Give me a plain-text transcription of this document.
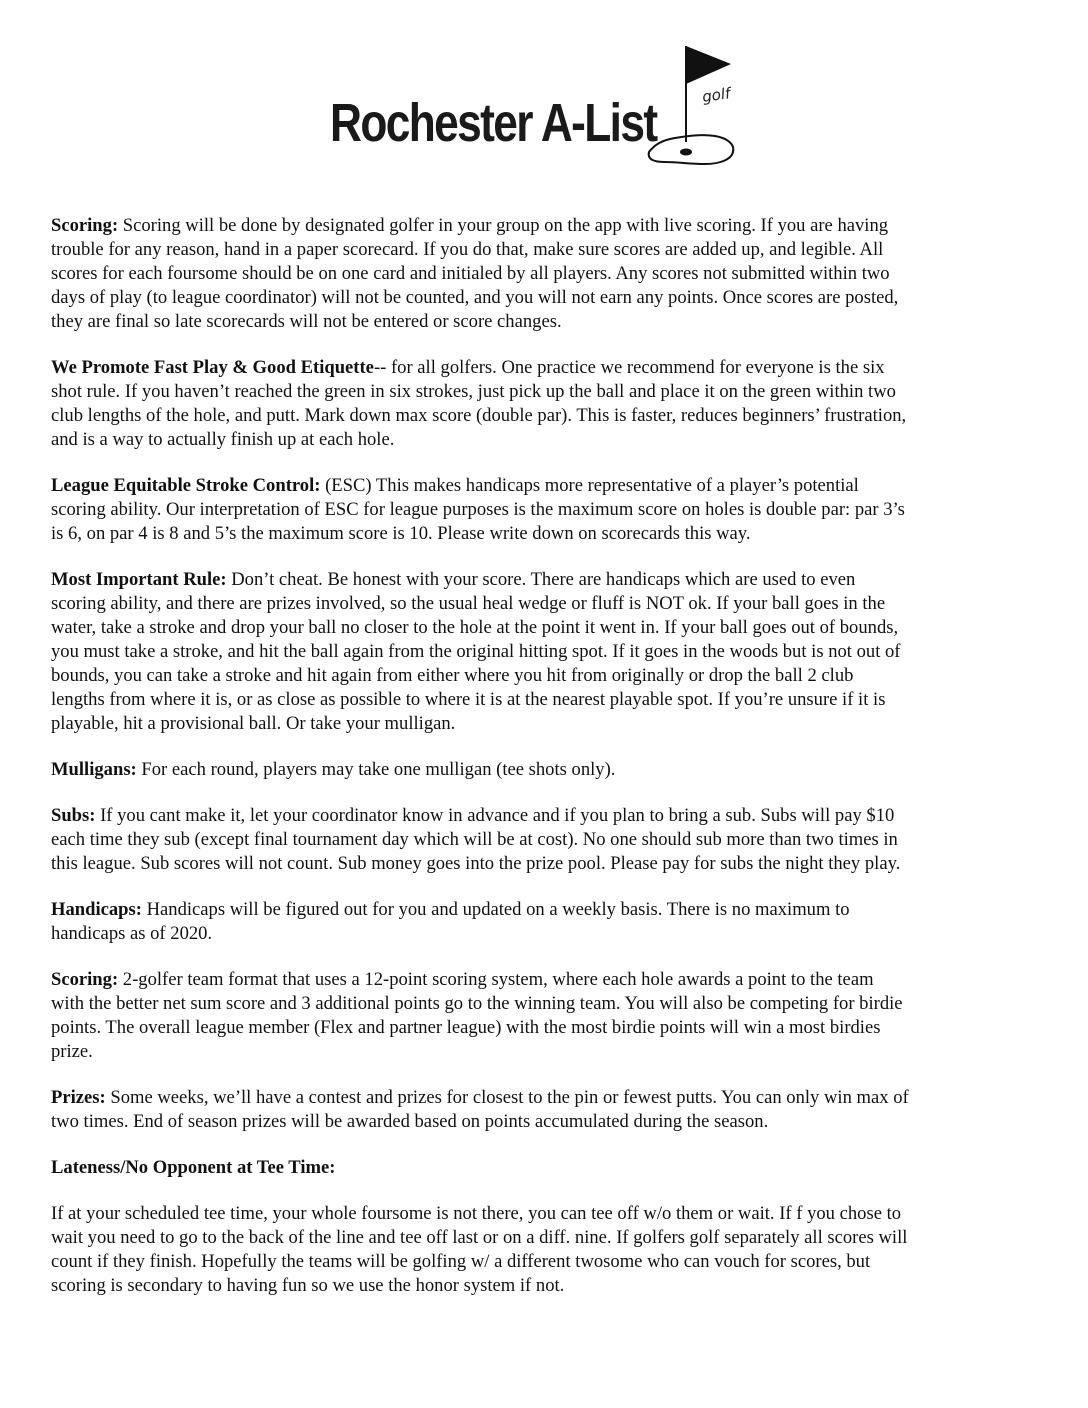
Rochester A-List	golf

Scoring: Scoring will be done by designated golfer in your group on the app with live scoring. If you are having
trouble for any reason, hand in a paper scorecard. If you do that, make sure scores are added up, and legible. All
scores for each foursome should be on one card and initialed by all players. Any scores not submitted within two
days of play (to league coordinator) will not be counted, and you will not earn any points. Once scores are posted,
they are final so late scorecards will not be entered or score changes.

We Promote Fast Play & Good Etiquette-- for all golfers. One practice we recommend for everyone is the six
shot rule. If you haven’t reached the green in six strokes, just pick up the ball and place it on the green within two
club lengths of the hole, and putt. Mark down max score (double par). This is faster, reduces beginners’ frustration,
and is a way to actually finish up at each hole.

League Equitable Stroke Control: (ESC) This makes handicaps more representative of a player’s potential
scoring ability. Our interpretation of ESC for league purposes is the maximum score on holes is double par: par 3’s
is 6, on par 4 is 8 and 5’s the maximum score is 10. Please write down on scorecards this way.

Most Important Rule: Don’t cheat. Be honest with your score. There are handicaps which are used to even
scoring ability, and there are prizes involved, so the usual heal wedge or fluff is NOT ok. If your ball goes in the
water, take a stroke and drop your ball no closer to the hole at the point it went in. If your ball goes out of bounds,
you must take a stroke, and hit the ball again from the original hitting spot. If it goes in the woods but is not out of
bounds, you can take a stroke and hit again from either where you hit from originally or drop the ball 2 club
lengths from where it is, or as close as possible to where it is at the nearest playable spot. If you’re unsure if it is
playable, hit a provisional ball. Or take your mulligan.

Mulligans: For each round, players may take one mulligan (tee shots only).

Subs: If you cant make it, let your coordinator know in advance and if you plan to bring a sub. Subs will pay $10
each time they sub (except final tournament day which will be at cost). No one should sub more than two times in
this league. Sub scores will not count. Sub money goes into the prize pool. Please pay for subs the night they play.

Handicaps: Handicaps will be figured out for you and updated on a weekly basis. There is no maximum to
handicaps as of 2020.

Scoring: 2-golfer team format that uses a 12-point scoring system, where each hole awards a point to the team
with the better net sum score and 3 additional points go to the winning team. You will also be competing for birdie
points. The overall league member (Flex and partner league) with the most birdie points will win a most birdies
prize.

Prizes: Some weeks, we’ll have a contest and prizes for closest to the pin or fewest putts. You can only win max of
two times. End of season prizes will be awarded based on points accumulated during the season.

Lateness/No Opponent at Tee Time:

If at your scheduled tee time, your whole foursome is not there, you can tee off w/o them or wait. If f you chose to
wait you need to go to the back of the line and tee off last or on a diff. nine. If golfers golf separately all scores will
count if they finish. Hopefully the teams will be golfing w/ a different twosome who can vouch for scores, but
scoring is secondary to having fun so we use the honor system if not.
